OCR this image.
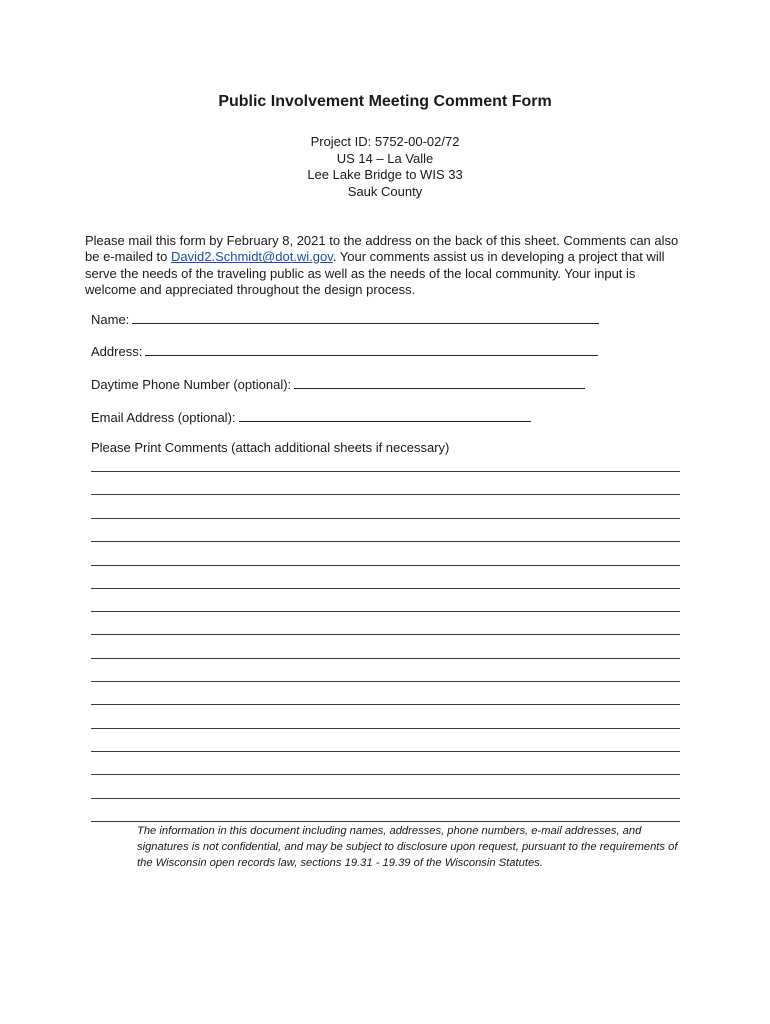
Public Involvement Meeting Comment Form
Project ID: 5752-00-02/72
US 14 – La Valle
Lee Lake Bridge to WIS 33
Sauk County
Please mail this form by February 8, 2021 to the address on the back of this sheet. Comments can also be e-mailed to David2.Schmidt@dot.wi.gov. Your comments assist us in developing a project that will serve the needs of the traveling public as well as the needs of the local community. Your input is welcome and appreciated throughout the design process.
Name:
Address:
Daytime Phone Number (optional):
Email Address (optional):
Please Print Comments (attach additional sheets if necessary)
The information in this document including names, addresses, phone numbers, e-mail addresses, and signatures is not confidential, and may be subject to disclosure upon request, pursuant to the requirements of the Wisconsin open records law, sections 19.31 - 19.39 of the Wisconsin Statutes.
